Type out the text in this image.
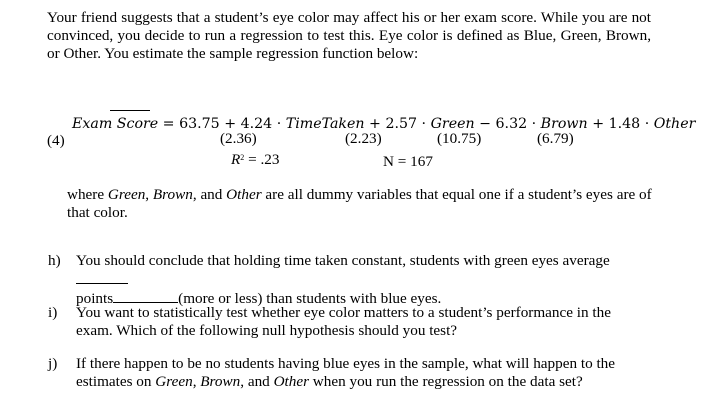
Your friend suggests that a student’s eye color may affect his or her exam score. While you are not convinced, you decide to run a regression to test this. Eye color is defined as Blue, Green, Brown, or Other. You estimate the sample regression function below:
Exam Score
= 63.75 + 4.24 · TimeTaken + 2.57 · Green − 6.32 · Brown + 1.48 · Other
(4)	(2.36)	(2.23)	(10.75)	(6.79)
$R^2 = .23$	N = 167
where Green, Brown, and Other are all dummy variables that equal one if a student’s eyes are of that color.
h) You should conclude that holding time taken constant, students with green eyes average
points	(more or less) than students with blue eyes.
i) You want to statistically test whether eye color matters to a student’s performance in the exam. Which of the following null hypothesis should you test?
j) If there happen to be no students having blue eyes in the sample, what will happen to the estimates on Green, Brown, and Other when you run the regression on the data set?
